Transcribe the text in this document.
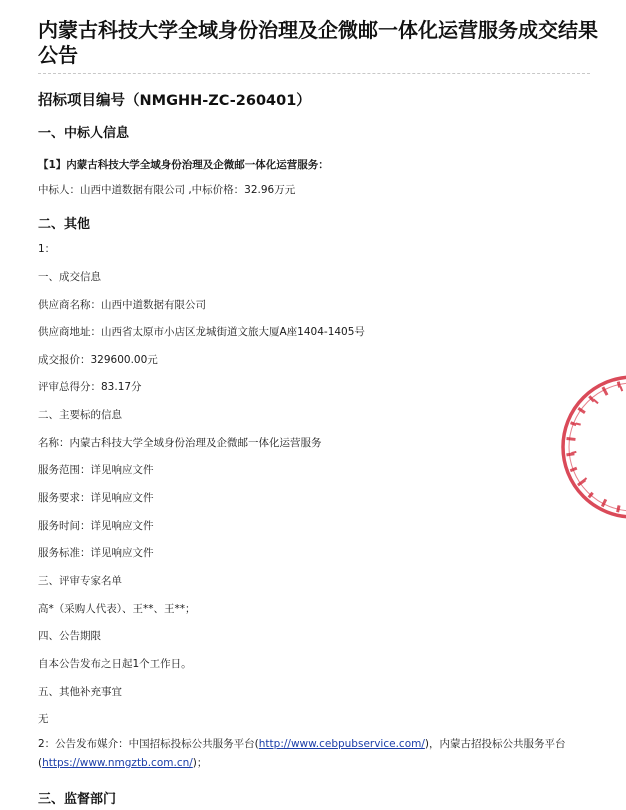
内蒙古科技大学全域身份治理及企微邮一体化运营服务成交结果公告
招标项目编号（NMGHH-ZC-260401）
一、中标人信息
【1】内蒙古科技大学全域身份治理及企微邮一体化运营服务：
中标人：山西中道数据有限公司 ,中标价格：32.96万元
二、其他
1：
一、成交信息
供应商名称：山西中道数据有限公司
供应商地址：山西省太原市小店区龙城街道文旅大厦A座1404-1405号
成交报价：329600.00元
评审总得分：83.17分
二、主要标的信息
名称：内蒙古科技大学全域身份治理及企微邮一体化运营服务
服务范围：详见响应文件
服务要求：详见响应文件
服务时间：详见响应文件
服务标准：详见响应文件
三、评审专家名单
高*（采购人代表）、王**、王**；
四、公告期限
自本公告发布之日起1个工作日。
五、其他补充事宜
无
2：公告发布媒介：中国招标投标公共服务平台(http://www.cebpubservice.com/)，内蒙古招投标公共服务平台(https://www.nmgztb.com.cn/)；
三、监督部门
